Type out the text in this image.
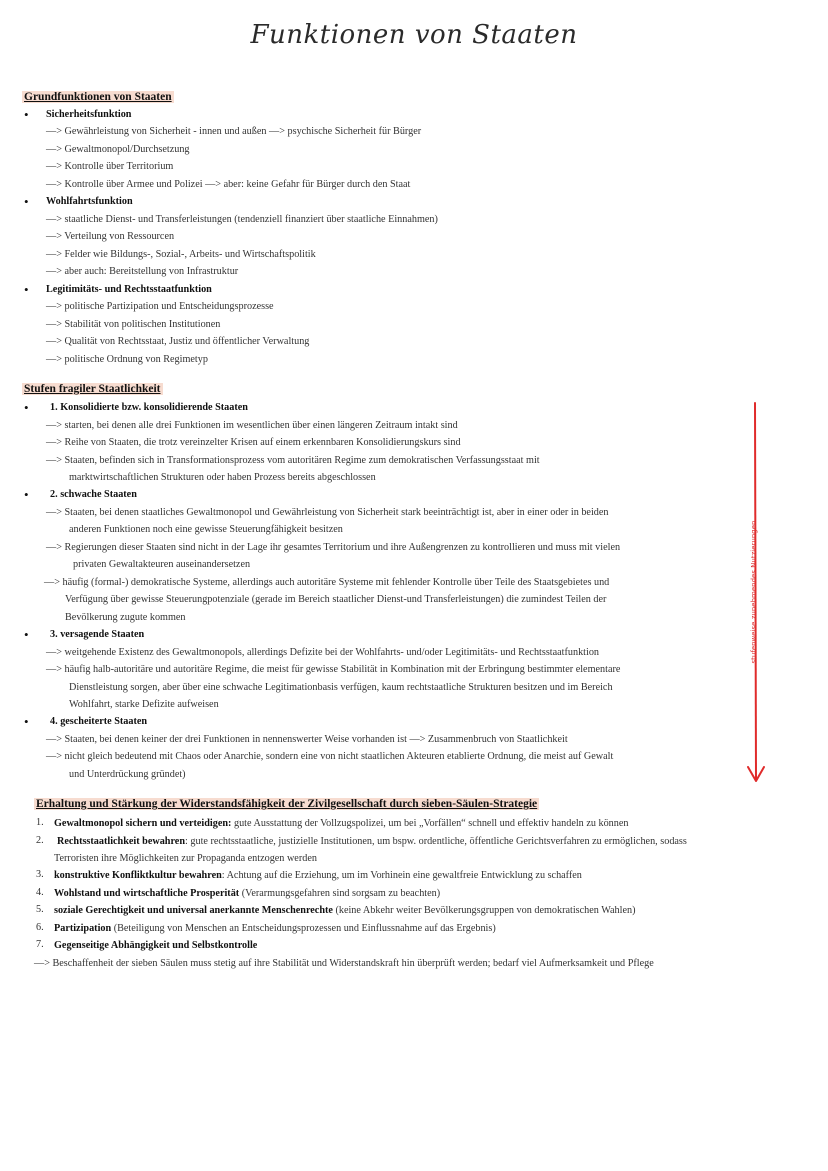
Funktionen von Staaten
Grundfunktionen von Staaten
• Sicherheitsfunktion
—> Gewährleistung von Sicherheit - innen und außen —> psychische Sicherheit für Bürger
—> Gewaltmonopol/Durchsetzung
—> Kontrolle über Territorium
—> Kontrolle über Armee und Polizei —> aber: keine Gefahr für Bürger durch den Staat
• Wohlfahrtsfunktion
—> staatliche Dienst- und Transferleistungen (tendenziell finanziert über staatliche Einnahmen)
—> Verteilung von Ressourcen
—> Felder wie Bildungs-, Sozial-, Arbeits- und Wirtschaftspolitik
—> aber auch: Bereitstellung von Infrastruktur
• Legitimitäts- und Rechtsstaatfunktion
—> politische Partizipation und Entscheidungsprozesse
—> Stabilität von politischen Institutionen
—> Qualität von Rechtsstaat, Justiz und öffentlicher Verwaltung
—> politische Ordnung von Regimetyp
Stufen fragiler Staatlichkeit
• 1. Konsolidierte bzw. konsolidierende Staaten
—> starten, bei denen alle drei Funktionen im wesentlichen über einen längeren Zeitraum intakt sind
—> Reihe von Staaten, die trotz vereinzelter Krisen auf einem erkennbaren Konsolidierungskurs sind
—> Staaten, befinden sich in Transformationsprozess vom autoritären Regime zum demokratischen Verfassungsstaat mit
marktwirtschaftlichen Strukturen oder haben Prozess bereits abgeschlossen
• 2. schwache Staaten
—> Staaten, bei denen staatliches Gewaltmonopol und Gewährleistung von Sicherheit stark beeinträchtigt ist, aber in einer oder in beiden
anderen Funktionen noch eine gewisse Steuerungfähigkeit besitzen
—> Regierungen dieser Staaten sind nicht in der Lage ihr gesamtes Territorium und ihre Außengrenzen zu kontrollieren und muss mit vielen
privaten Gewaltakteuren auseinandersetzen
—> häufig (formal-) demokratische Systeme, allerdings auch autoritäre Systeme mit fehlender Kontrolle über Teile des Staatsgebietes und
Verfügung über gewisse Steuerungpotenziale (gerade im Bereich staatlicher Dienst-und Transferleistungen) die zumindest Teilen der
Bevölkerung zugute kommen
• 3. versagende Staaten
—> weitgehende Existenz des Gewaltmonopols, allerdings Defizite bei der Wohlfahrts- und/oder Legitimitäts- und Rechtsstaatfunktion
—> häufig halb-autoritäre und autoritäre Regime, die meist für gewisse Stabilität in Kombination mit der Erbringung bestimmter elementare
Dienstleistung sorgen, aber über eine schwache Legitimationbasis verfügen, kaum rechtstaatliche Strukturen besitzen und im Bereich
Wohlfahrt, starke Defizite aufweisen
• 4. gescheiterte Staaten
—> Staaten, bei denen keiner der drei Funktionen in nennenswerter Weise vorhanden ist —> Zusammenbruch von Staatlichkeit
—> nicht gleich bedeutend mit Chaos oder Anarchie, sondern eine von nicht staatlichen Akteuren etablierte Ordnung, die meist auf Gewalt
und Unterdrückung gründet)
stufenweise zunehmendes Nutzierungen
Erhaltung und Stärkung der Widerstandsfähigkeit der Zivilgesellschaft durch sieben-Säulen-Strategie
1. Gewaltmonopol sichern und verteidigen: gute Ausstattung der Vollzugspolizei, um bei „Vorfällen“ schnell und effektiv handeln zu können
2. Rechtsstaatlichkeit bewahren: gute rechtsstaatliche, justizielle Institutionen, um bspw. ordentliche, öffentliche Gerichtsverfahren zu ermöglichen, sodass
Terroristen ihre Möglichkeiten zur Propaganda entzogen werden
3. konstruktive Konfliktkultur bewahren: Achtung auf die Erziehung, um im Vorhinein eine gewaltfreie Entwicklung zu schaffen
4. Wohlstand und wirtschaftliche Prosperität (Verarmungsgefahren sind sorgsam zu beachten)
5. soziale Gerechtigkeit und universal anerkannte Menschenrechte (keine Abkehr weiter Bevölkerungsgruppen von demokratischen Wahlen)
6. Partizipation (Beteiligung von Menschen an Entscheidungsprozessen und Einflussnahme auf das Ergebnis)
7. Gegenseitige Abhängigkeit und Selbstkontrolle
—> Beschaffenheit der sieben Säulen muss stetig auf ihre Stabilität und Widerstandskraft hin überprüft werden; bedarf viel Aufmerksamkeit und Pflege
